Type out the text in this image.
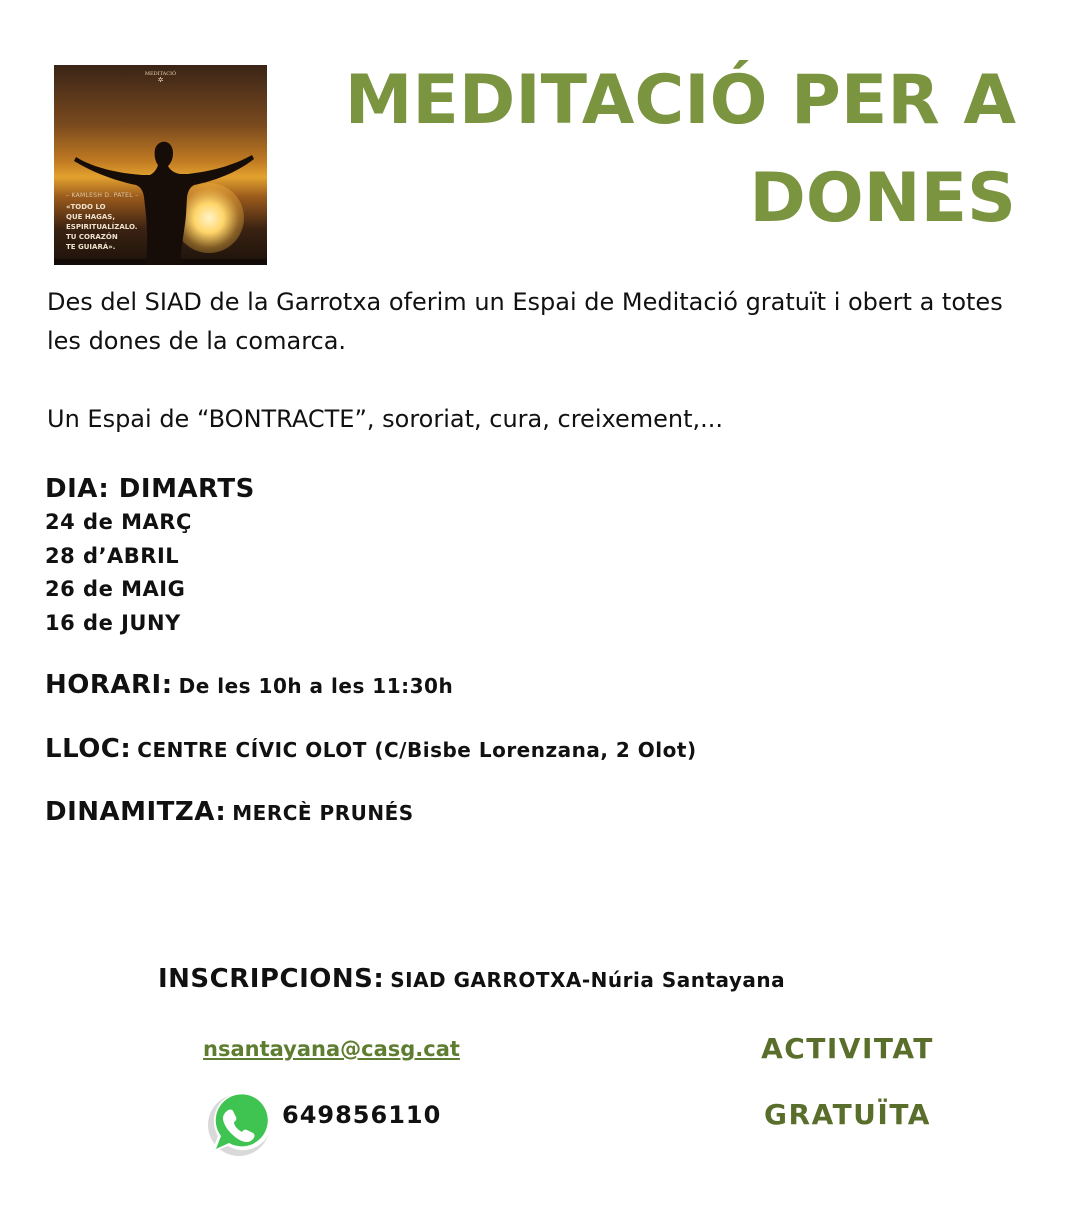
MEDITACIÓ
✲
– KAMLESH D. PATEL –
«TODO LO
QUE HAGAS,
ESPIRITUALÍZALO.
TU CORAZÓN
TE GUIARÁ».
MEDITACIÓ PER A DONES

Des del SIAD de la Garrotxa oferim un Espai de Meditació gratuït i obert a totes les dones de la comarca.

Un Espai de “BONTRACTE”, sororiat, cura, creixement,...

DIA: DIMARTS
24 de MARÇ
28 d’ABRIL
26 de MAIG
16 de JUNY
HORARI: De les 10h a les 11:30h
LLOC: CENTRE CÍVIC OLOT (C/Bisbe Lorenzana, 2 Olot)
DINAMITZA: MERCÈ PRUNÉS
INSCRIPCIONS: SIAD GARROTXA-Núria Santayana
nsantayana@casg.cat
649856110
ACTIVITAT
GRATUÏTA
